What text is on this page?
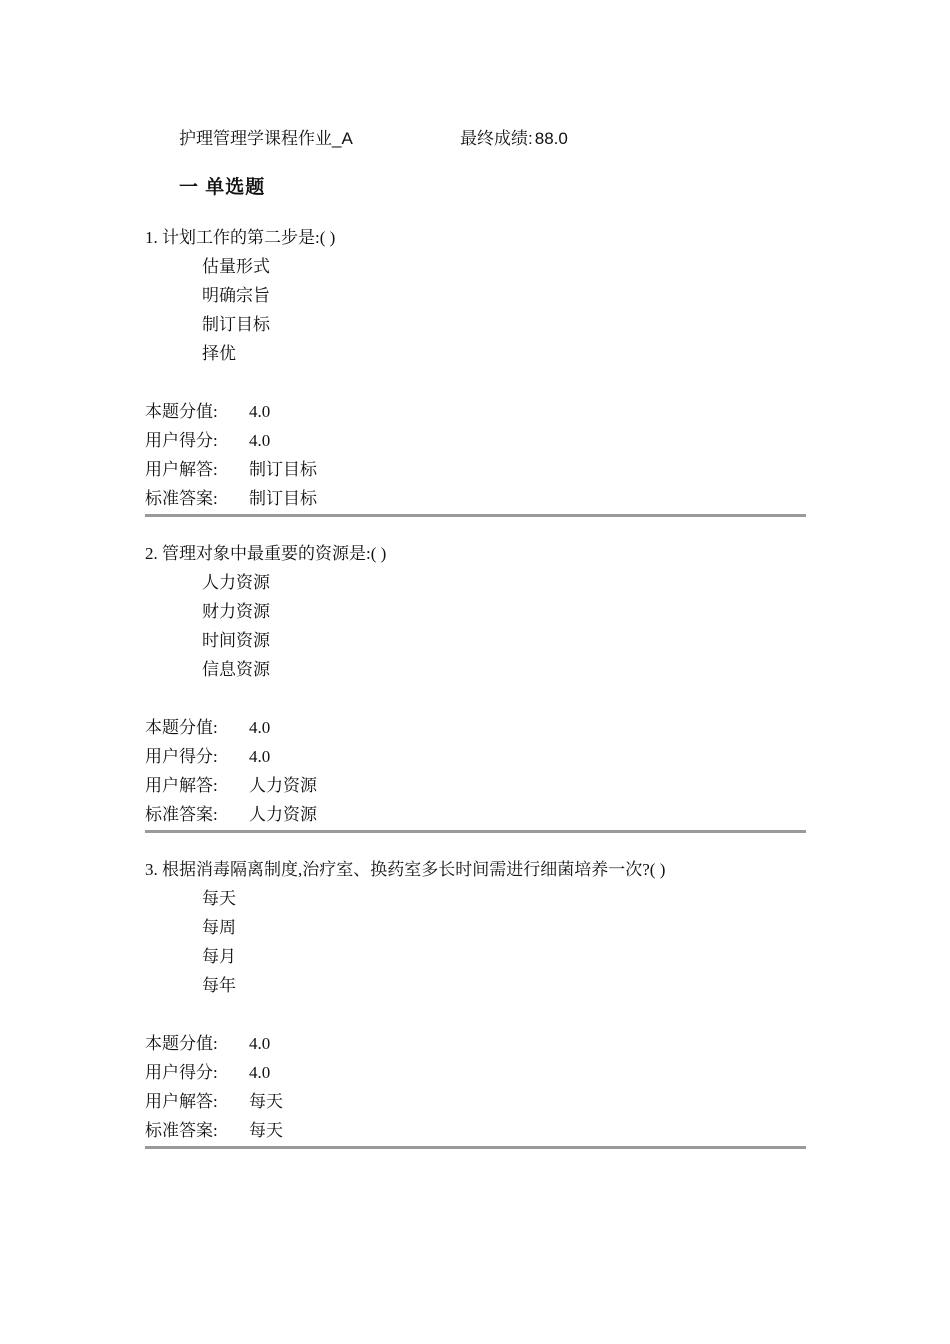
护理管理学课程作业_A	最终成绩: 88.0
一 单选题
1. 计划工作的第二步是:( )
估量形式
明确宗旨
制订目标
择优
本题分值: 4.0
用户得分: 4.0
用户解答: 制订目标
标准答案: 制订目标
2. 管理对象中最重要的资源是:( )
人力资源
财力资源
时间资源
信息资源
本题分值: 4.0
用户得分: 4.0
用户解答: 人力资源
标准答案: 人力资源
3. 根据消毒隔离制度,治疗室、换药室多长时间需进行细菌培养一次?( )
每天
每周
每月
每年
本题分值: 4.0
用户得分: 4.0
用户解答: 每天
标准答案: 每天
